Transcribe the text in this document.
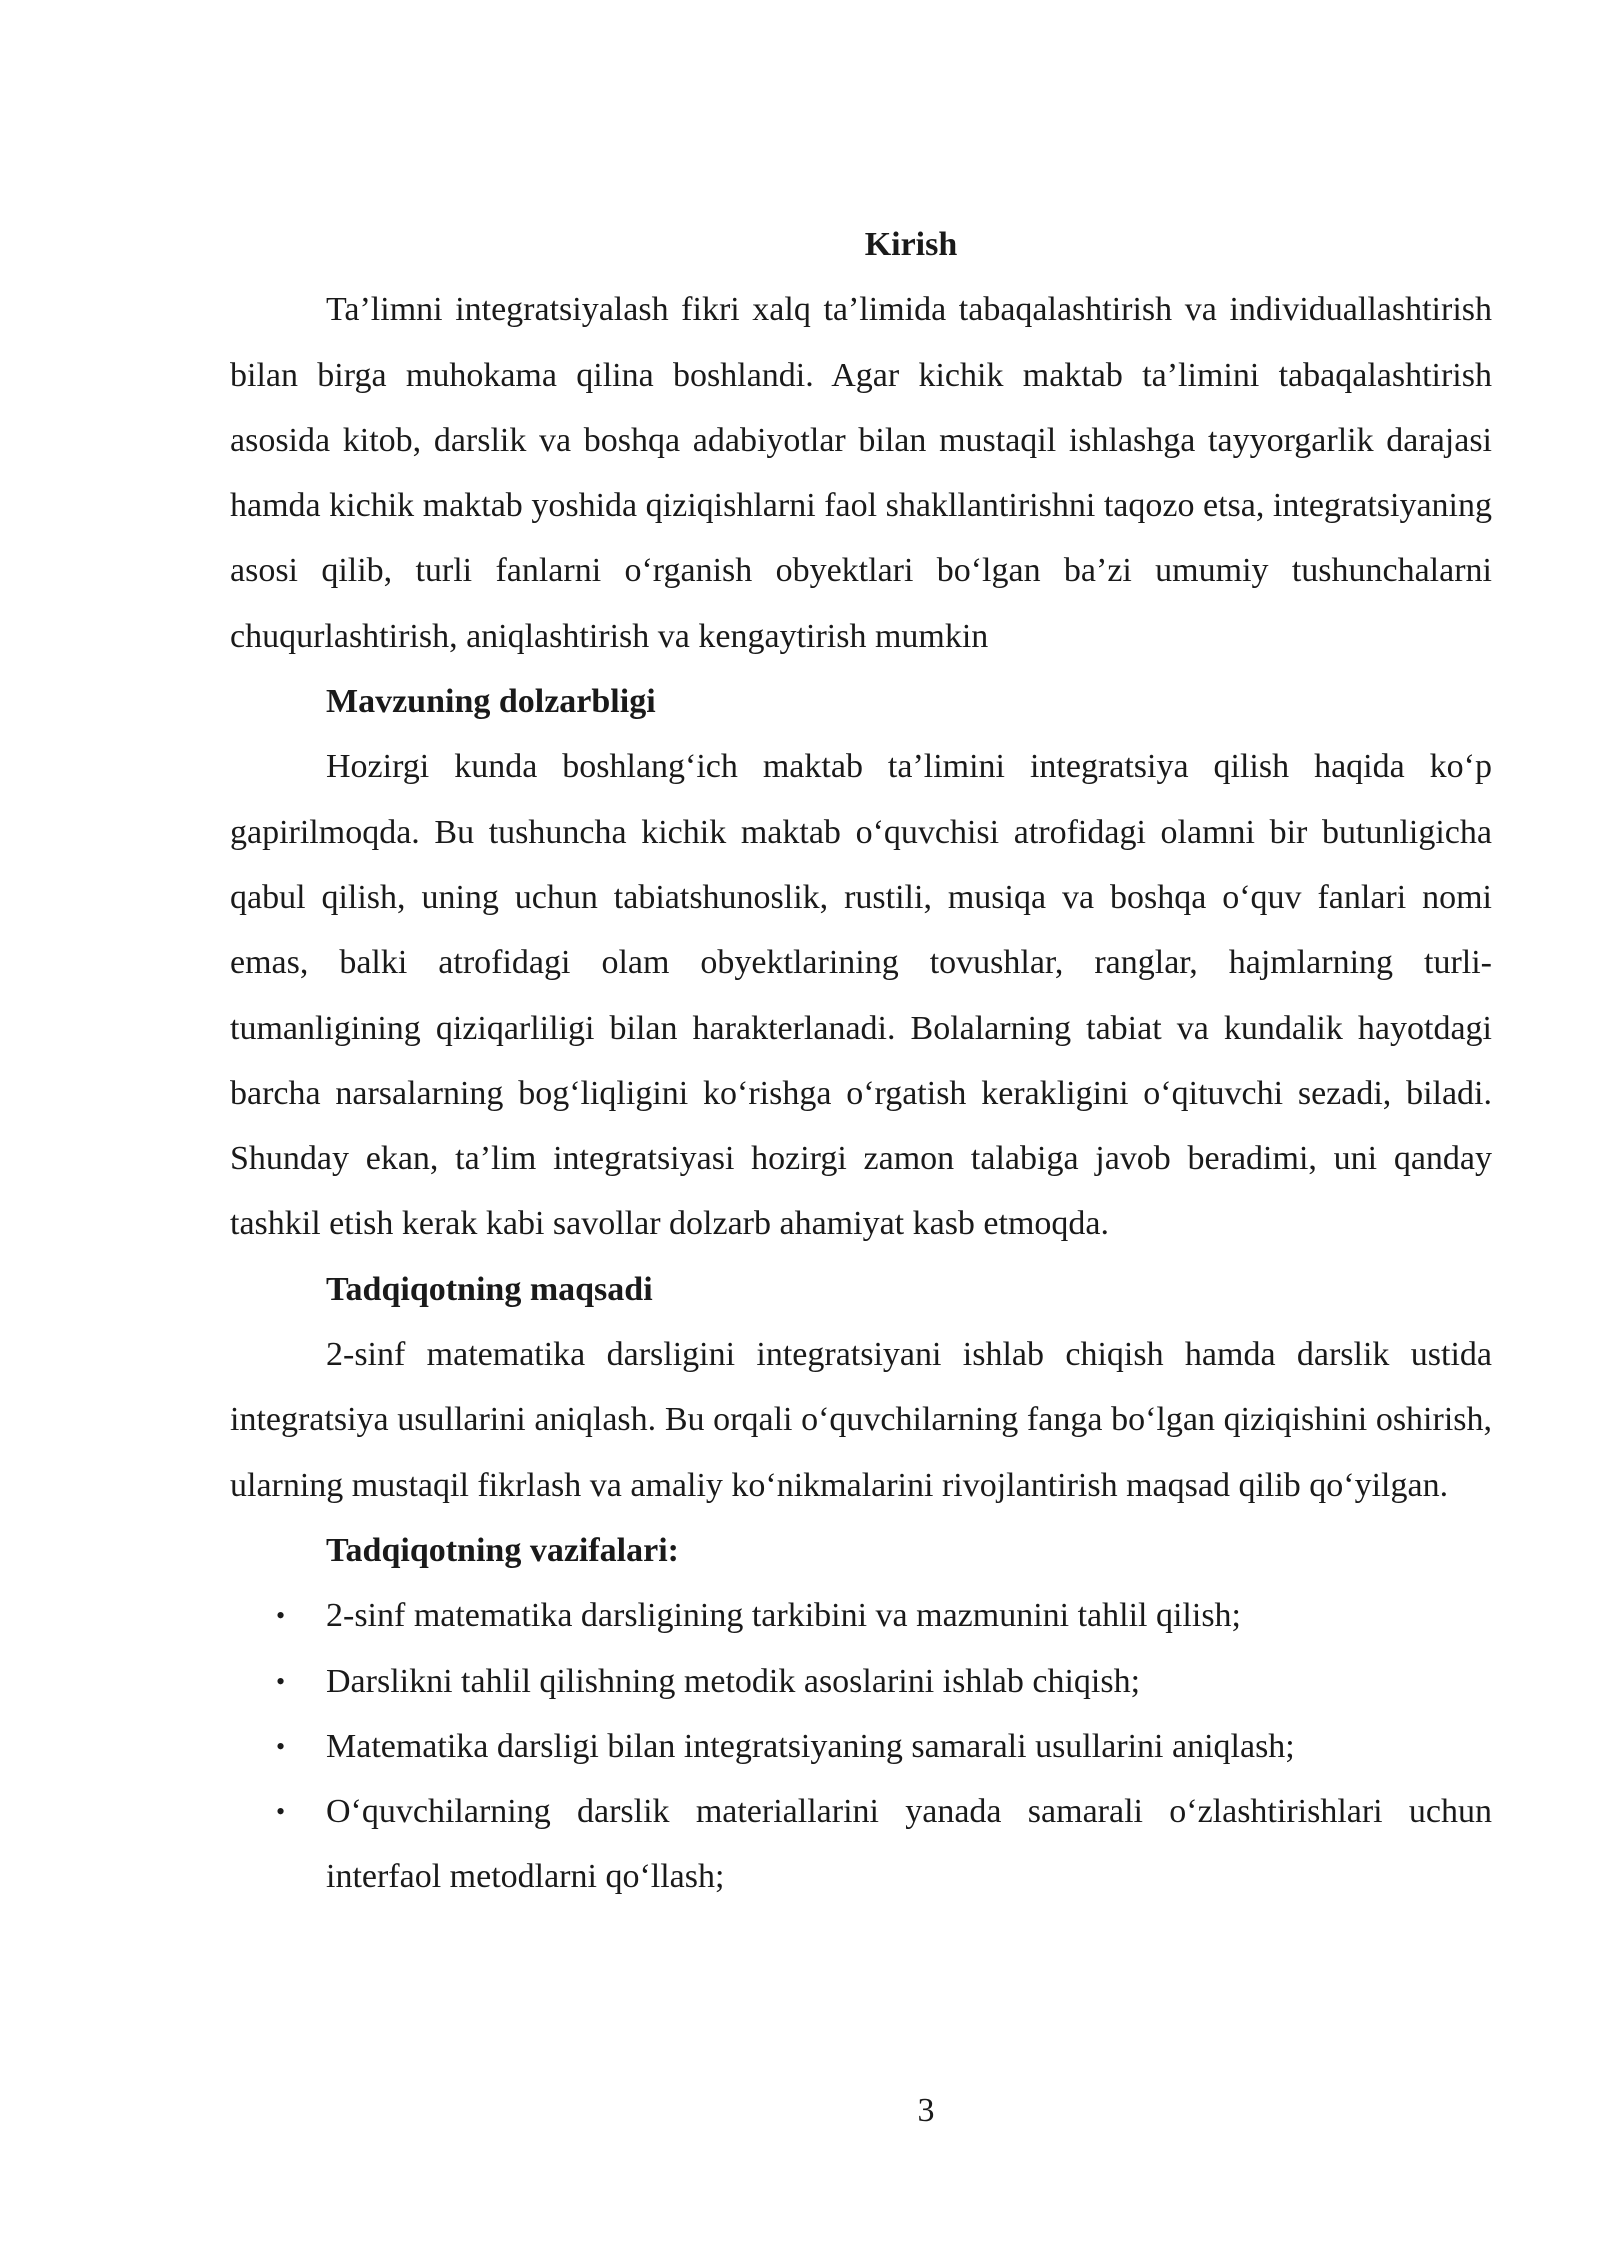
Kirish

Ta’limni integratsiyalash fikri xalq ta’limida tabaqalashtirish va individuallashtirish bilan birga muhokama qilina boshlandi. Agar kichik maktab ta’limini tabaqalashtirish asosida kitob, darslik va boshqa adabiyotlar bilan mustaqil ishlashga tayyorgarlik darajasi hamda kichik maktab yoshida qiziqishlarni faol shakllantirishni taqozo etsa, integratsiyaning asosi qilib, turli fanlarni o‘rganish obyektlari bo‘lgan ba’zi umumiy tushunchalarni chuqurlashtirish, aniqlashtirish va kengaytirish mumkin

Mavzuning dolzarbligi

Hozirgi kunda boshlang‘ich maktab ta’limini integratsiya qilish haqida ko‘p gapirilmoqda. Bu tushuncha kichik maktab o‘quvchisi atrofidagi olamni bir butunligicha qabul qilish, uning uchun tabiatshunoslik, rustili, musiqa va boshqa o‘quv fanlari nomi emas, balki atrofidagi olam obyektlarining tovushlar, ranglar, hajmlarning turli-tumanligining qiziqarliligi bilan harakterlanadi. Bolalarning tabiat va kundalik hayotdagi barcha narsalarning bog‘liqligini ko‘rishga o‘rgatish kerakligini o‘qituvchi sezadi, biladi. Shunday ekan, ta’lim integratsiyasi hozirgi zamon talabiga javob beradimi, uni qanday tashkil etish kerak kabi savollar dolzarb ahamiyat kasb etmoqda.

Tadqiqotning maqsadi

2-sinf matematika darsligini integratsiyani ishlab chiqish hamda darslik ustida integratsiya usullarini aniqlash. Bu orqali o‘quvchilarning fanga bo‘lgan qiziqishini oshirish, ularning mustaqil fikrlash va amaliy ko‘nikmalarini rivojlantirish maqsad qilib qo‘yilgan.

Tadqiqotning vazifalari:
• 2-sinf matematika darsligining tarkibini va mazmunini tahlil qilish;
• Darslikni tahlil qilishning metodik asoslarini ishlab chiqish;
• Matematika darsligi bilan integratsiyaning samarali usullarini aniqlash;
• O‘quvchilarning darslik materiallarini yanada samarali o‘zlashtirishlari uchun interfaol metodlarni qo‘llash;
3
